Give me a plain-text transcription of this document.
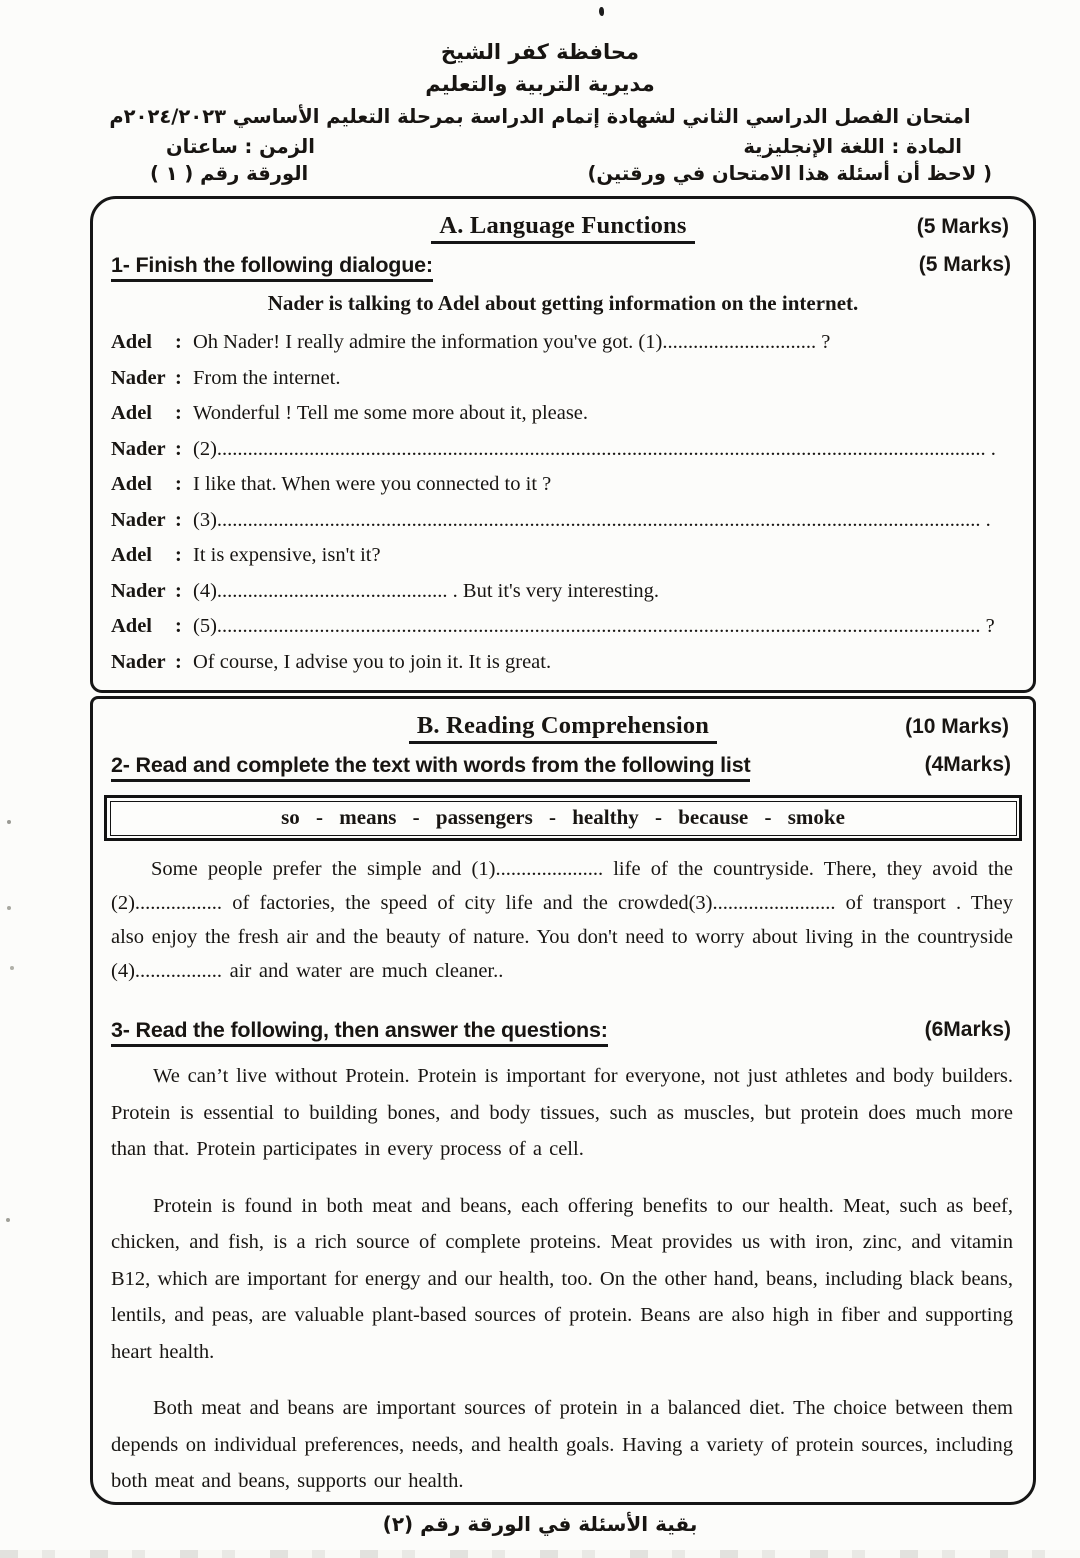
محافظة كفر الشيخ
مديرية التربية والتعليم
امتحان الفصل الدراسي الثاني لشهادة إتمام الدراسة بمرحلة التعليم الأساسي ٢٠٢٤/٢٠٢٣م
المادة : اللغة الإنجليزية
الزمن : ساعتان
( لاحظ أن أسئلة هذا الامتحان في ورقتين)
الورقة رقم ( ١ )
A. Language Functions	(5 Marks)
1- Finish the following dialogue:	(5 Marks)
Nader is talking to Adel about getting information on the internet.
Adel :	Oh Nader! I really admire the information you've got. (1).............................. ?
Nader :	From the internet.
Adel :	Wonderful ! Tell me some more about it, please.
Nader :	(2)...................................................................................................................................................... .
Adel :	I like that. When were you connected to it ?
Nader :	(3)..................................................................................................................................................... .
Adel :	It is expensive, isn't it?
Nader :	(4)............................................. . But it's very interesting.
Adel :	(5)..................................................................................................................................................... ?
Nader :	Of course, I advise you to join it. It is great.
B. Reading Comprehension	(10 Marks)
2- Read and complete the text with words from the following list	(4Marks)
so - means - passengers - healthy - because - smoke
Some people prefer the simple and (1)..................... life of the countryside. There, they avoid the (2)................. of factories, the speed of city life and the crowded(3)........................ of transport . They also enjoy the fresh air and the beauty of nature. You don't need to worry about living in the countryside (4)................. air and water are much cleaner..
3- Read the following, then answer the questions:	(6Marks)
We can’t live without Protein. Protein is important for everyone, not just athletes and body builders. Protein is essential to building bones, and body tissues, such as muscles, but protein does much more than that. Protein participates in every process of a cell.
Protein is found in both meat and beans, each offering benefits to our health. Meat, such as beef, chicken, and fish, is a rich source of complete proteins. Meat provides us with iron, zinc, and vitamin B12, which are important for energy and our health, too. On the other hand, beans, including black beans, lentils, and peas, are valuable plant-based sources of protein. Beans are also high in fiber and supporting heart health.
Both meat and beans are important sources of protein in a balanced diet. The choice between them depends on individual preferences, needs, and health goals. Having a variety of protein sources, including both meat and beans, supports our health.
بقية الأسئلة في الورقة رقم (٢)
